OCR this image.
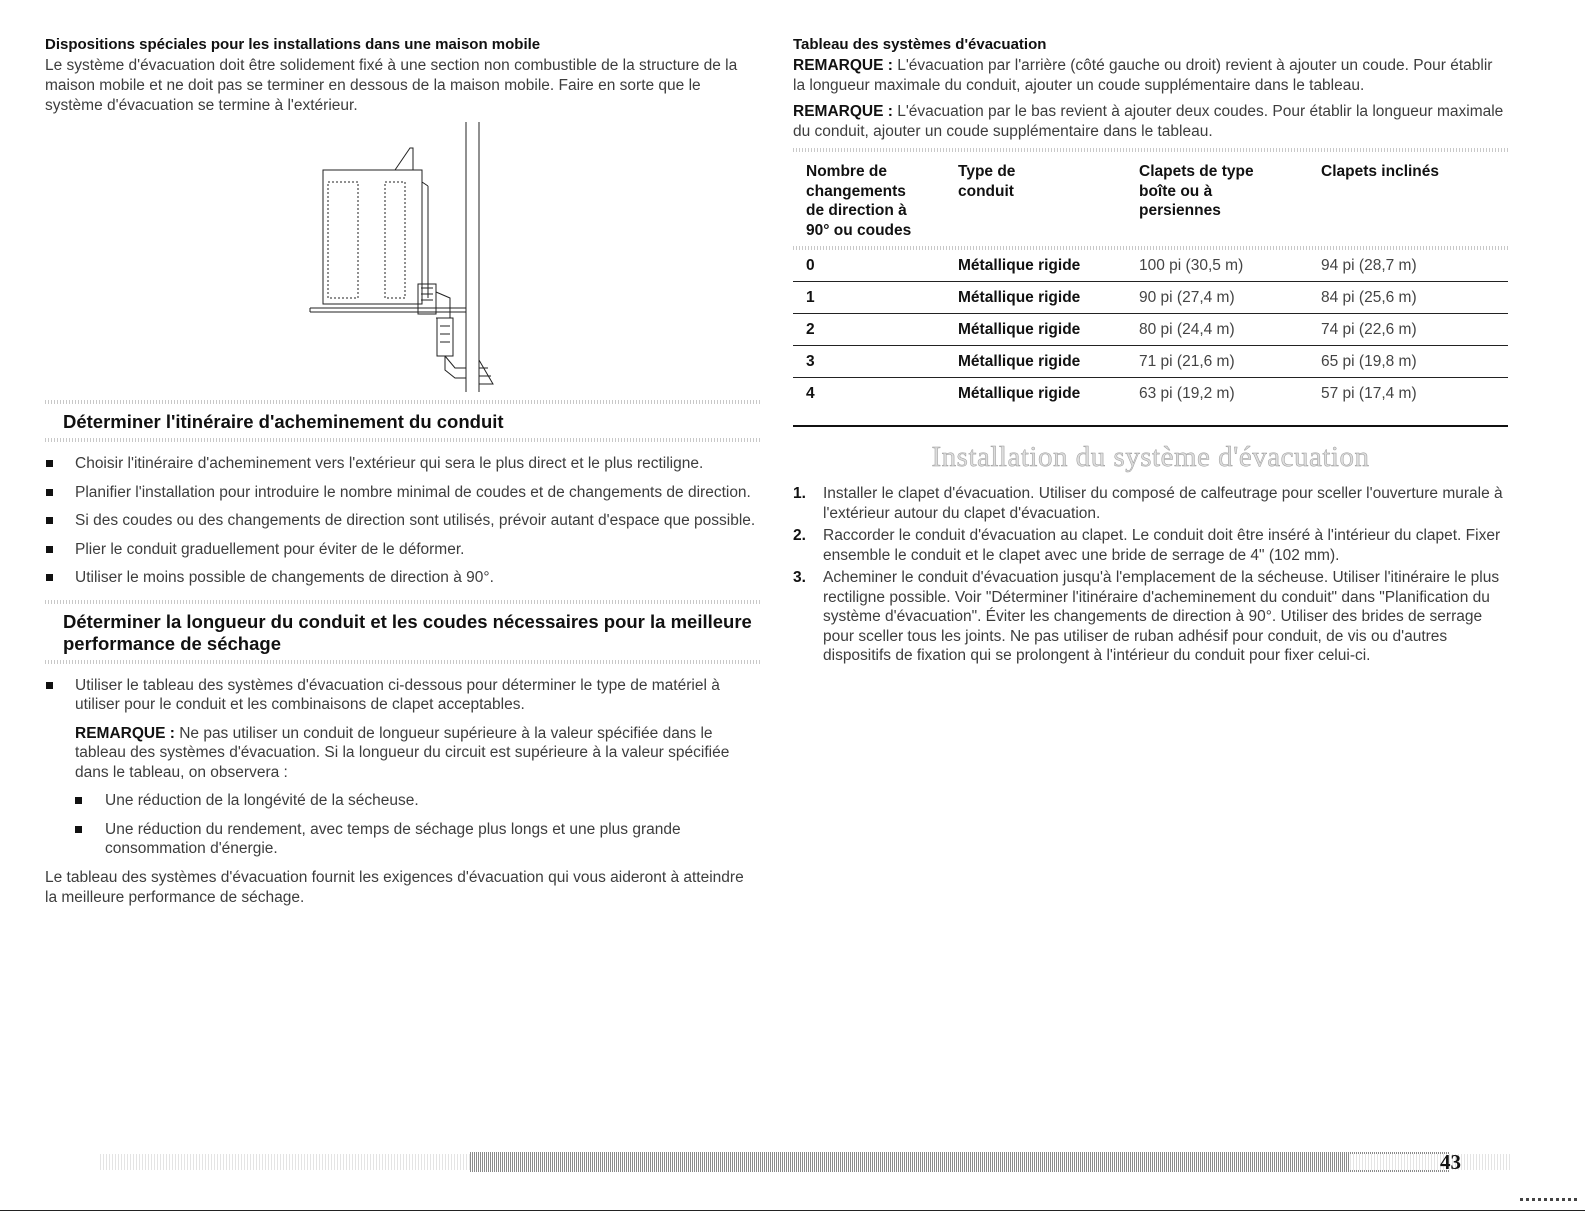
Dispositions spéciales pour les installations dans une maison mobile

Le système d'évacuation doit être solidement fixé à une section non combustible de la structure de la maison mobile et ne doit pas se terminer en dessous de la maison mobile. Faire en sorte que le système d'évacuation se termine à l'extérieur.

Déterminer l'itinéraire d'acheminement du conduit
Choisir l'itinéraire d'acheminement vers l'extérieur qui sera le plus direct et le plus rectiligne.
Planifier l'installation pour introduire le nombre minimal de coudes et de changements de direction.
Si des coudes ou des changements de direction sont utilisés, prévoir autant d'espace que possible.
Plier le conduit graduellement pour éviter de le déformer.
Utiliser le moins possible de changements de direction à 90°.
Déterminer la longueur du conduit et les coudes nécessaires pour la meilleure performance de séchage
Utiliser le tableau des systèmes d'évacuation ci-dessous pour déterminer le type de matériel à utiliser pour le conduit et les combinaisons de clapet acceptables.
REMARQUE : Ne pas utiliser un conduit de longueur supérieure à la valeur spécifiée dans le tableau des systèmes d'évacuation. Si la longueur du circuit est supérieure à la valeur spécifiée dans le tableau, on observera :
Une réduction de la longévité de la sécheuse.
Une réduction du rendement, avec temps de séchage plus longs et une plus grande consommation d'énergie.

Le tableau des systèmes d'évacuation fournit les exigences d'évacuation qui vous aideront à atteindre la meilleure performance de séchage.

Tableau des systèmes d'évacuation

REMARQUE : L'évacuation par l'arrière (côté gauche ou droit) revient à ajouter un coude. Pour établir la longueur maximale du conduit, ajouter un coude supplémentaire dans le tableau.

REMARQUE : L'évacuation par le bas revient à ajouter deux coudes. Pour établir la longueur maximale du conduit, ajouter un coude supplémentaire dans le tableau.

Nombre de changements de direction à 90° ou coudes	Type de conduit	Clapets de type boîte ou à persiennes	Clapets inclinés

0	Métallique rigide	100 pi (30,5 m)	94 pi (28,7 m)
1	Métallique rigide	90 pi (27,4 m)	84 pi (25,6 m)
2	Métallique rigide	80 pi (24,4 m)	74 pi (22,6 m)
3	Métallique rigide	71 pi (21,6 m)	65 pi (19,8 m)
4	Métallique rigide	63 pi (19,2 m)	57 pi (17,4 m)
Installation du système d'évacuation
1. Installer le clapet d'évacuation. Utiliser du composé de calfeutrage pour sceller l'ouverture murale à l'extérieur autour du clapet d'évacuation.
2. Raccorder le conduit d'évacuation au clapet. Le conduit doit être inséré à l'intérieur du clapet. Fixer ensemble le conduit et le clapet avec une bride de serrage de 4" (102 mm).
3. Acheminer le conduit d'évacuation jusqu'à l'emplacement de la sécheuse. Utiliser l'itinéraire le plus rectiligne possible. Voir "Déterminer l'itinéraire d'acheminement du conduit" dans "Planification du système d'évacuation". Éviter les changements de direction à 90°. Utiliser des brides de serrage pour sceller tous les joints. Ne pas utiliser de ruban adhésif pour conduit, de vis ou d'autres dispositifs de fixation qui se prolongent à l'intérieur du conduit pour fixer celui-ci.
43
